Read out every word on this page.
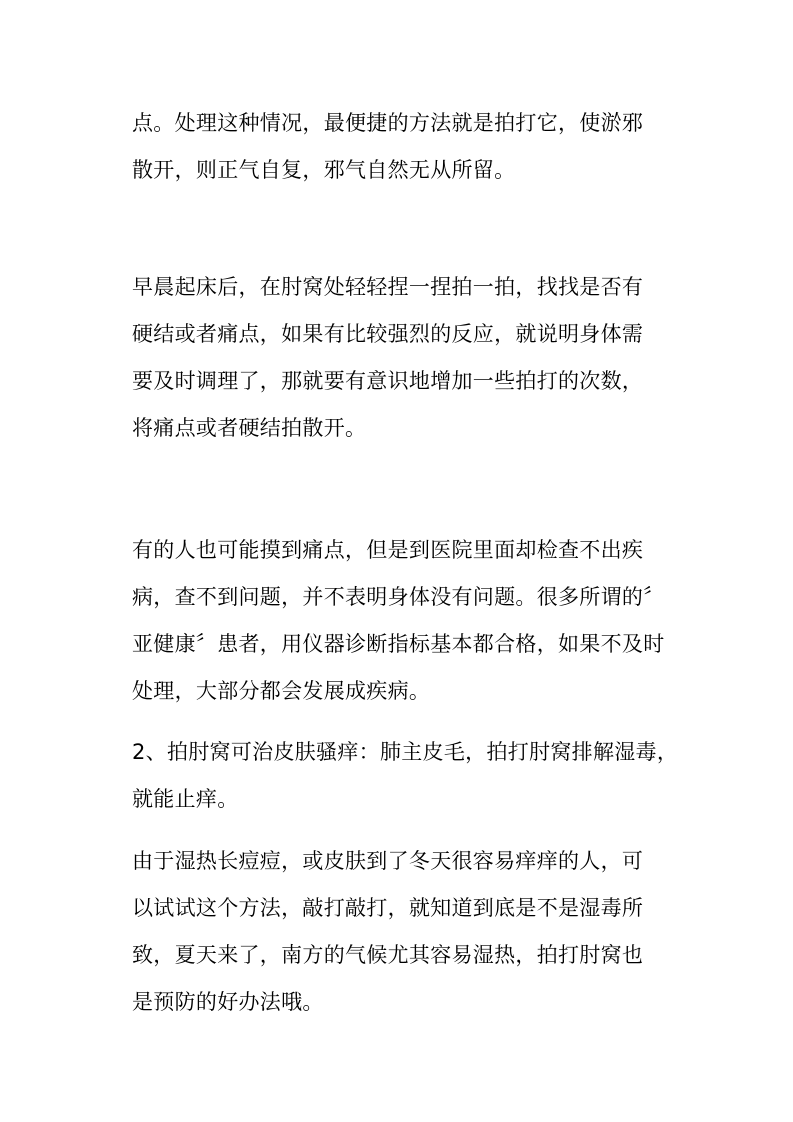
点。处理这种情况，最便捷的方法就是拍打它，使淤邪
散开，则正气自复，邪气自然无从所留。
早晨起床后，在肘窝处轻轻捏一捏拍一拍，找找是否有
硬结或者痛点，如果有比较强烈的反应，就说明身体需
要及时调理了，那就要有意识地增加一些拍打的次数，
将痛点或者硬结拍散开。
有的人也可能摸到痛点，但是到医院里面却检查不出疾
病，查不到问题，并不表明身体没有问题。很多所谓的〞
亚健康〞患者，用仪器诊断指标基本都合格，如果不及时
处理，大部分都会发展成疾病。
2、拍肘窝可治皮肤骚痒：肺主皮毛，拍打肘窝排解湿毒，
就能止痒。
由于湿热长痘痘，或皮肤到了冬天很容易痒痒的人，可
以试试这个方法，敲打敲打，就知道到底是不是湿毒所
致，夏天来了，南方的气候尤其容易湿热，拍打肘窝也
是预防的好办法哦。
